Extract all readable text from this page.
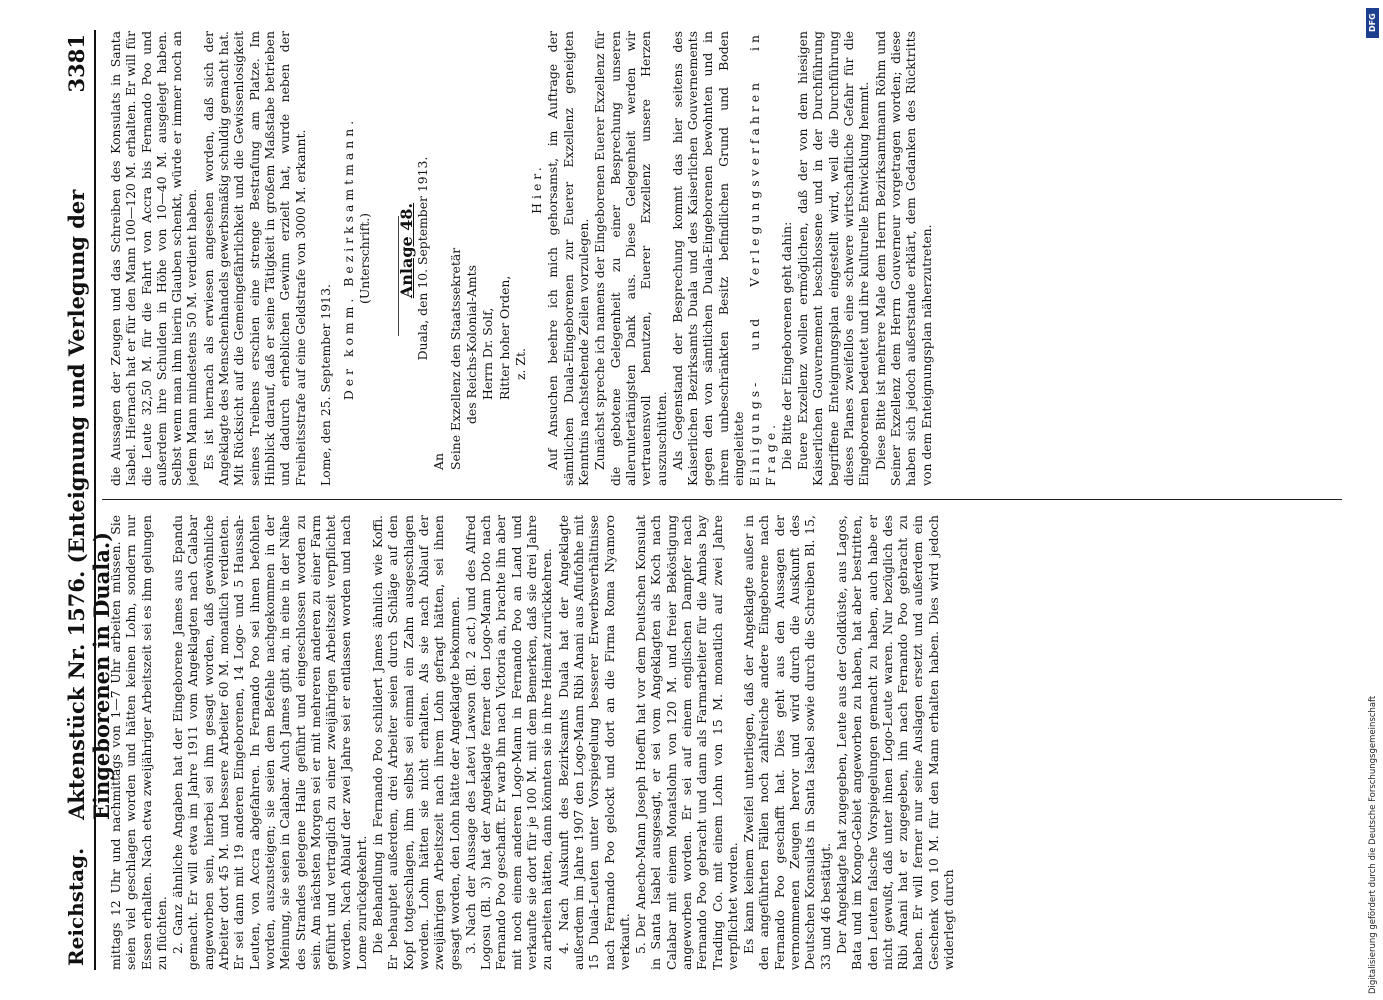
Reichstag.
Aktenstück Nr. 1576. (Enteignung und Verlegung der Eingeborenen in Duala.)
3381

mittags 12 Uhr und nachmittags von 1—7 Uhr arbeiten müssen. Sie seien viel geschlagen worden und hätten keinen Lohn, sondern nur Essen erhalten. Nach etwa zweijähriger Arbeitszeit sei es ihm gelungen zu flüchten. 2. Ganz ähnliche Angaben hat der Eingeborene James aus Epandu gemacht. Er will etwa im Jahre 1911 vom Angeklagten nach Calabar angeworben sein, hierbei sei ihm gesagt worden, daß gewöhnliche Arbeiter dort 45 M. und bessere Arbeiter 60 M. monatlich verdienten. Er sei dann mit 19 anderen Eingeborenen, 14 Logo- und 5 Haussah-Leuten, von Accra abgefahren. In Fernando Poo sei ihnen befohlen worden, auszusteigen; sie seien dem Befehle nachgekommen in der Meinung, sie seien in Calabar. Auch James gibt an, in eine in der Nähe des Strandes gelegene Halle geführt und eingeschlossen worden zu sein. Am nächsten Morgen sei er mit mehreren anderen zu einer Farm geführt und vertraglich zu einer zweijährigen Arbeitszeit verpflichtet worden. Nach Ablauf der zwei Jahre sei er entlassen worden und nach Lome zurückgekehrt. Die Behandlung in Fernando Poo schildert James ähnlich wie Koffi. Er behauptet außerdem, drei Arbeiter seien durch Schläge auf den Kopf totgeschlagen, ihm selbst sei einmal ein Zahn ausgeschlagen worden. Lohn hätten sie nicht erhalten. Als sie nach Ablauf der zweijährigen Arbeitszeit nach ihrem Lohn gefragt hätten, sei ihnen gesagt worden, den Lohn hätte der Angeklagte bekommen. 3. Nach der Aussage des Latevi Lawson (Bl. 2 act.) und des Alfred Logosu (Bl. 3) hat der Angeklagte ferner den Logo-Mann Doto nach Fernando Poo geschafft. Er warb ihn nach Victoria an, brachte ihn aber mit noch einem anderen Logo-Mann in Fernando Poo an Land und verkaufte sie dort für je 100 M. mit dem Bemerken, daß sie drei Jahre zu arbeiten hätten, dann könnten sie in ihre Heimat zurückkehren. 4. Nach Auskunft des Bezirksamts Duala hat der Angeklagte außerdem im Jahre 1907 den Logo-Mann Ribi Anani aus Aflufohhe mit 15 Duala-Leuten unter Vorspiegelung besserer Erwerbsverhältnisse nach Fernando Poo gelockt und dort an die Firma Roma Nyamoro verkauft. 5. Der Anecho-Mann Joseph Hoeffu hat vor dem Deutschen Konsulat in Santa Isabel ausgesagt, er sei vom Angeklagten als Koch nach Calabar mit einem Monatslohn von 120 M. und freier Beköstigung angeworben worden. Er sei auf einem englischen Dampfer nach Fernando Poo gebracht und dann als Farmarbeiter für die Ambas bay Trading Co. mit einem Lohn von 15 M. monatlich auf zwei Jahre verpflichtet worden. Es kann keinem Zweifel unterliegen, daß der Angeklagte außer in den angeführten Fällen noch zahlreiche andere Eingeborene nach Fernando Poo geschafft hat. Dies geht aus den Aussagen der vernommenen Zeugen hervor und wird durch die Auskunft des Deutschen Konsulats in Santa Isabel sowie durch die Schreiben Bl. 15, 33 und 46 bestätigt. Der Angeklagte hat zugegeben, Leute aus der Goldküste, aus Lagos, Bata und im Kongo-Gebiet angeworben zu haben, hat aber bestritten, den Leuten falsche Vorspiegelungen gemacht zu haben, auch habe er nicht gewußt, daß unter ihnen Logo-Leute waren. Nur bezüglich des Ribi Anani hat er zugegeben, ihn nach Fernando Poo gebracht zu haben. Er will ferner nur seine Auslagen ersetzt und außerdem ein Geschenk von 10 M. für den Mann erhalten haben. Dies wird jedoch widerlegt durch

die Aussagen der Zeugen und das Schreiben des Konsulats in Santa Isabel. Hiernach hat er für den Mann 100—120 M. erhalten. Er will für die Leute 32,50 M. für die Fahrt von Accra bis Fernando Poo und außerdem ihre Schulden in Höhe von 10—40 M. ausgelegt haben. Selbst wenn man ihm hierin Glauben schenkt, würde er immer noch an jedem Mann mindestens 50 M. verdient haben. Es ist hiernach als erwiesen angesehen worden, daß sich der Angeklagte des Menschenhandels gewerbsmäßig schuldig gemacht hat. Mit Rücksicht auf die Gemeingefährlichkeit und die Gewissenlosigkeit seines Treibens erschien eine strenge Bestrafung am Platze. Im Hinblick darauf, daß er seine Tätigkeit in großem Maßstabe betrieben und dadurch erheblichen Gewinn erzielt hat, wurde neben der Freiheitsstrafe auf eine Geldstrafe von 3000 M. erkannt. Lome, den 25. September 1913. Der komm. Bezirksamtmann. (Unterschrift.) Anlage 48. Duala, den 10. September 1913.

An Seine Exzellenz den Staatssekretär des Reichs-Kolonial-Amts Herrn Dr. Solf, Ritter hoher Orden, z. Zt.

Hier. Auf Ansuchen beehre ich mich gehorsamst, im Auftrage der sämtlichen Duala-Eingeborenen zur Euerer Exzellenz geneigten Kenntnis nachstehende Zeilen vorzulegen. Zunächst spreche ich namens der Eingeborenen Euerer Exzellenz für die gebotene Gelegenheit zu einer Besprechung unseren alleruntertänigsten Dank aus. Diese Gelegenheit werden wir vertrauensvoll benutzen, Euerer Exzellenz unsere Herzen auszuschütten. Als Gegenstand der Besprechung kommt das hier seitens des Kaiserlichen Bezirksamts Duala und des Kaiserlichen Gouvernements gegen den von sämtlichen Duala-Eingeborenen bewohnten und in ihrem unbeschränkten Besitz befindlichen Grund und Boden eingeleitete Einigungs- und Verlegungsverfahren in Frage. Die Bitte der Eingeborenen geht dahin: Euere Exzellenz wollen ermöglichen, daß der von dem hiesigen Kaiserlichen Gouvernement beschlossene und in der Durchführung begriffene Enteignungsplan eingestellt wird, weil die Durchführung dieses Planes zweifellos eine schwere wirtschaftliche Gefahr für die Eingeborenen bedeutet und ihre kulturelle Entwicklung hemmt. Diese Bitte ist mehrere Male dem Herrn Bezirksamtmann Röhm und Seiner Exzellenz dem Herrn Gouverneur vorgetragen worden; diese haben sich jedoch außerstande erklärt, dem Gedanken des Rücktritts von dem Enteignungsplan näherzutreten.

DFG
Digitalisierung gefördert durch die Deutsche Forschungsgemeinschaft
